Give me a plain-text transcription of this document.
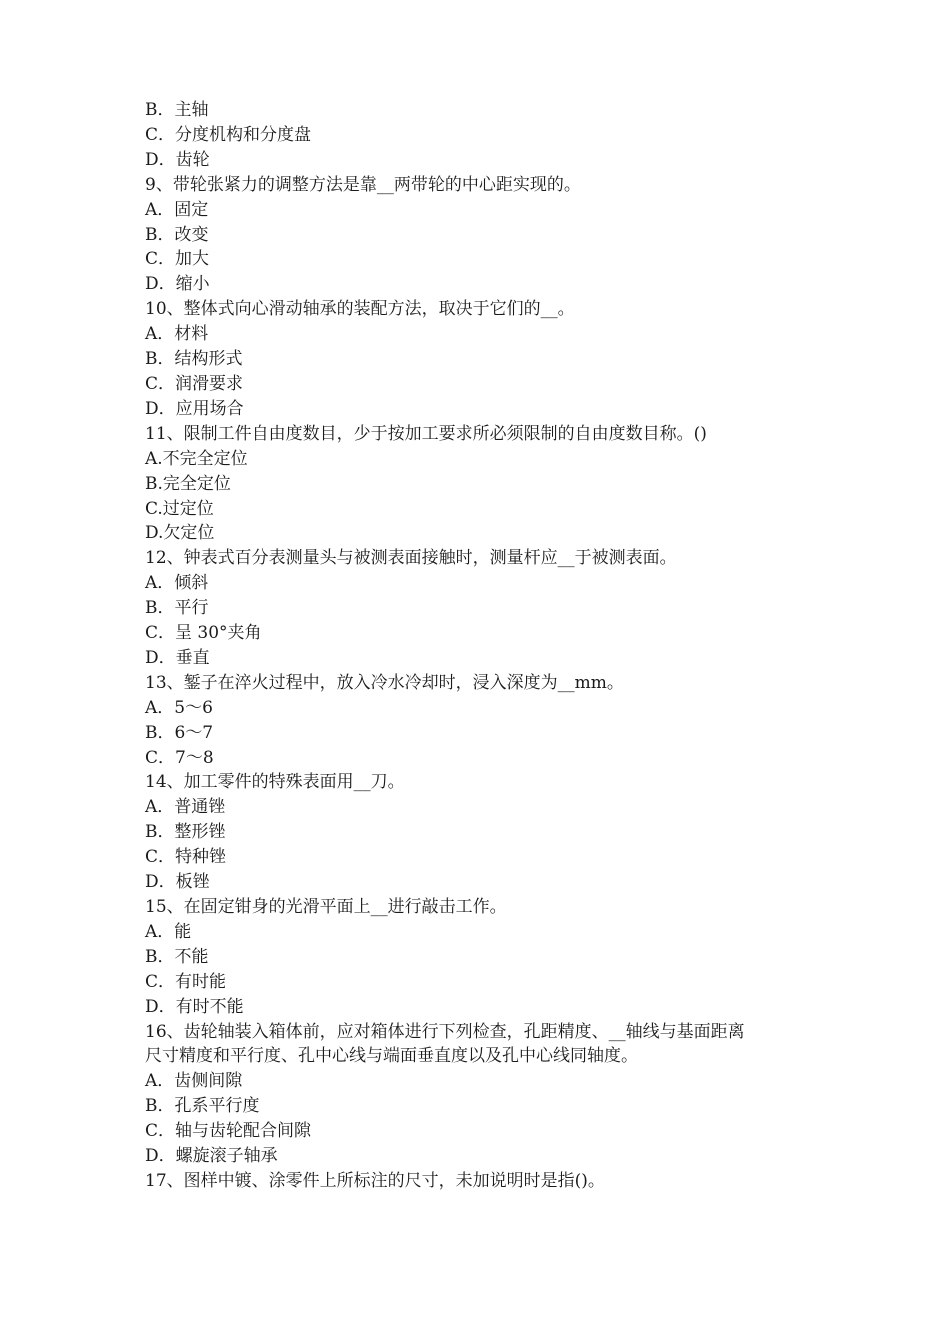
B．主轴
C．分度机构和分度盘
D．齿轮
9、带轮张紧力的调整方法是靠__两带轮的中心距实现的。
A．固定
B．改变
C．加大
D．缩小
10、整体式向心滑动轴承的装配方法，取决于它们的__。
A．材料
B．结构形式
C．润滑要求
D．应用场合
11、限制工件自由度数目，少于按加工要求所必须限制的自由度数目称。()
A.不完全定位
B.完全定位
C.过定位
D.欠定位
12、钟表式百分表测量头与被测表面接触时，测量杆应__于被测表面。
A．倾斜
B．平行
C．呈 30°夹角
D．垂直
13、錾子在淬火过程中，放入冷水冷却时，浸入深度为__mm。
A．5～6
B．6～7
C．7～8
14、加工零件的特殊表面用__刀。
A．普通锉
B．整形锉
C．特种锉
D．板锉
15、在固定钳身的光滑平面上__进行敲击工作。
A．能
B．不能
C．有时能
D．有时不能
16、齿轮轴装入箱体前，应对箱体进行下列检查，孔距精度、__轴线与基面距离
尺寸精度和平行度、孔中心线与端面垂直度以及孔中心线同轴度。
A．齿侧间隙
B．孔系平行度
C．轴与齿轮配合间隙
D．螺旋滚子轴承
17、图样中镀、涂零件上所标注的尺寸，未加说明时是指()。
